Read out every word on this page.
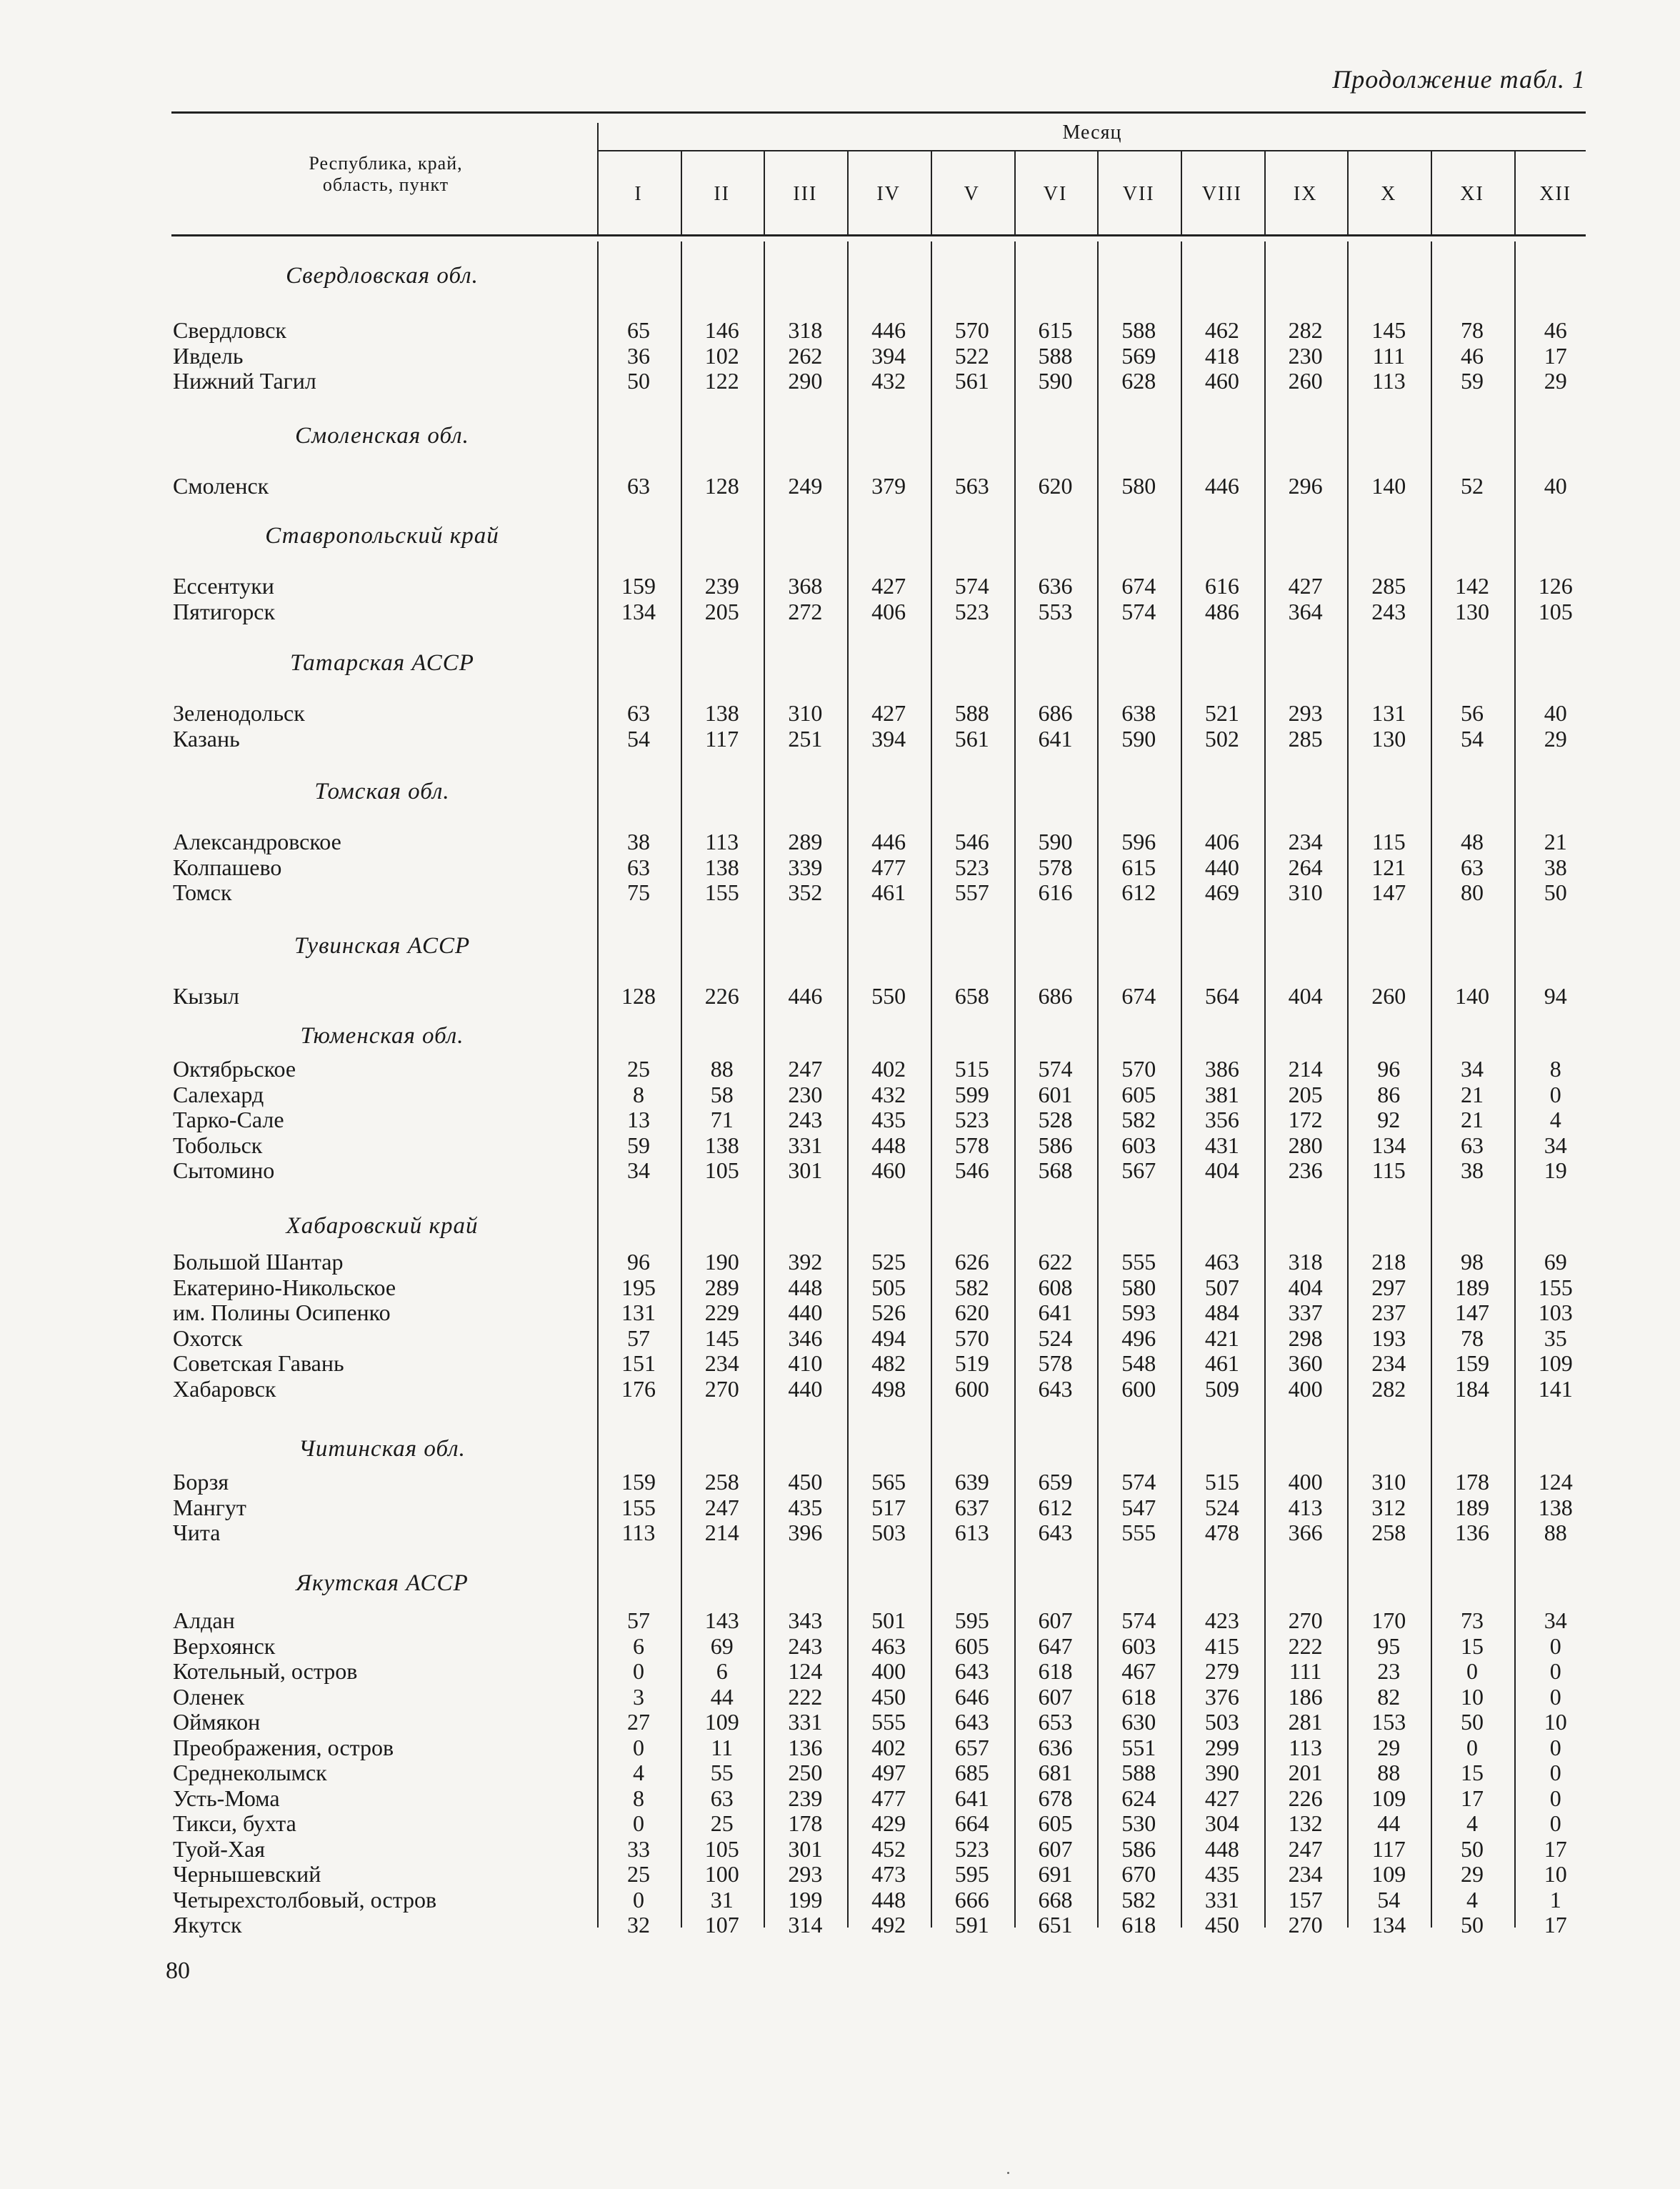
Продолжение табл. 1
Республика, край, область, пункт
Месяц
I	II	III	IV	V	VI	VII	VIII	IX	X	XI	XII
Свердловская обл.
Свердловск	65	146	318	446	570	615	588	462	282	145	78	46
Ивдель	36	102	262	394	522	588	569	418	230	111	46	17
Нижний Тагил	50	122	290	432	561	590	628	460	260	113	59	29
Смоленская обл.
Смоленск	63	128	249	379	563	620	580	446	296	140	52	40
Ставропольский край
Ессентуки	159	239	368	427	574	636	674	616	427	285	142	126
Пятигорск	134	205	272	406	523	553	574	486	364	243	130	105
Татарская АССР
Зеленодольск	63	138	310	427	588	686	638	521	293	131	56	40
Казань	54	117	251	394	561	641	590	502	285	130	54	29
Томская обл.
Александровское	38	113	289	446	546	590	596	406	234	115	48	21
Колпашево	63	138	339	477	523	578	615	440	264	121	63	38
Томск	75	155	352	461	557	616	612	469	310	147	80	50
Тувинская АССР
Кызыл	128	226	446	550	658	686	674	564	404	260	140	94
Тюменская обл.
Октябрьское	25	88	247	402	515	574	570	386	214	96	34	8
Салехард	8	58	230	432	599	601	605	381	205	86	21	0
Тарко-Сале	13	71	243	435	523	528	582	356	172	92	21	4
Тобольск	59	138	331	448	578	586	603	431	280	134	63	34
Сытомино	34	105	301	460	546	568	567	404	236	115	38	19
Хабаровский край
Большой Шантар	96	190	392	525	626	622	555	463	318	218	98	69
Екатерино-Никольское	195	289	448	505	582	608	580	507	404	297	189	155
им. Полины Осипенко	131	229	440	526	620	641	593	484	337	237	147	103
Охотск	57	145	346	494	570	524	496	421	298	193	78	35
Советская Гавань	151	234	410	482	519	578	548	461	360	234	159	109
Хабаровск	176	270	440	498	600	643	600	509	400	282	184	141
Читинская обл.
Борзя	159	258	450	565	639	659	574	515	400	310	178	124
Мангут	155	247	435	517	637	612	547	524	413	312	189	138
Чита	113	214	396	503	613	643	555	478	366	258	136	88
Якутская АССР
Алдан	57	143	343	501	595	607	574	423	270	170	73	34
Верхоянск	6	69	243	463	605	647	603	415	222	95	15	0
Котельный, остров	0	6	124	400	643	618	467	279	111	23	0	0
Оленек	3	44	222	450	646	607	618	376	186	82	10	0
Оймякон	27	109	331	555	643	653	630	503	281	153	50	10
Преображения, остров	0	11	136	402	657	636	551	299	113	29	0	0
Среднеколымск	4	55	250	497	685	681	588	390	201	88	15	0
Усть-Мома	8	63	239	477	641	678	624	427	226	109	17	0
Тикси, бухта	0	25	178	429	664	605	530	304	132	44	4	0
Туой-Хая	33	105	301	452	523	607	586	448	247	117	50	17
Чернышевский	25	100	293	473	595	691	670	435	234	109	29	10
Четырехстолбовый, остров	0	31	199	448	666	668	582	331	157	54	4	1
Якутск	32	107	314	492	591	651	618	450	270	134	50	17
80
